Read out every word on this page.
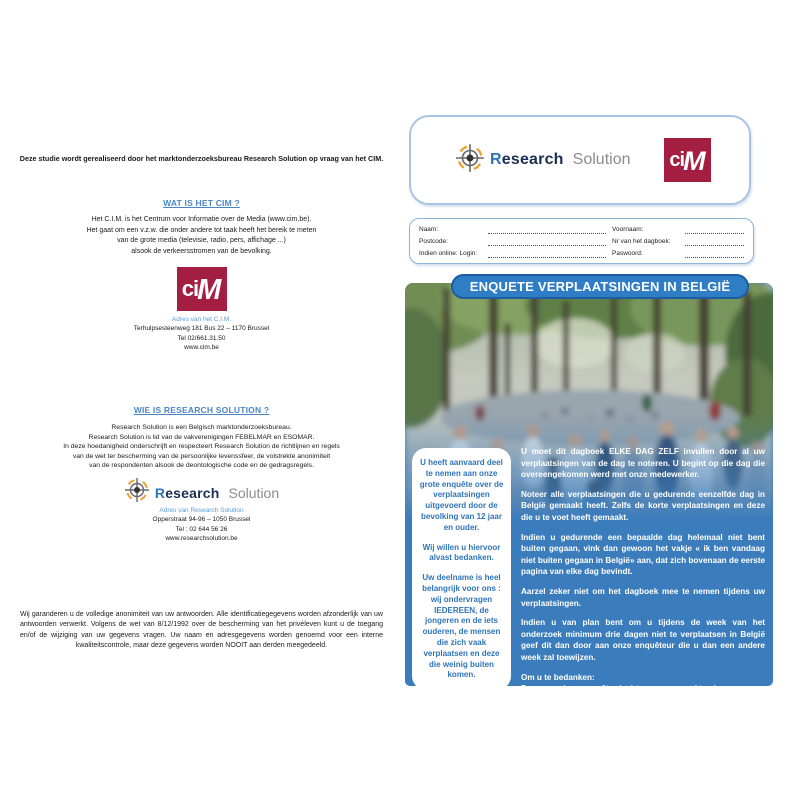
Deze studie wordt gerealiseerd door het marktonderzoeksbureau Research Solution op vraag van het CIM.
WAT IS HET CIM ?
Het C.I.M. is het Centrum voor Informatie over de Media (www.cim.be).
Het gaat om een v.z.w. die onder andere tot taak heeft het bereik te meten
van de grote media (televisie, radio, pers, affichage ...)
alsook de verkeersstromen van de bevolking.
ci M
Adres van het C.I.M.
Terhulpsesteenweg 181 Bus 22 – 1170 Brussel
Tel 02/661.31.50
www.cim.be
WIE IS RESEARCH SOLUTION ?
Research Solution is een Belgisch marktonderzoeksbureau.
Research Solution is lid van de vakverenigingen FEBELMAR en ESOMAR.
In deze hoedanigheid onderschrijft en respecteert Research Solution de richtlijnen en regels
van de wet ter bescherming van de persoonlijke levenssfeer, de volstrekte anonimiteit
van de respondenten alsook de deontologische code en de gedragsregels.
Research Solution
Adres van Research Solution
Opperstraat 94-96 – 1050 Brussel
Tel : 02 644 56 26
www.researchsolution.be
Wij garanderen u de volledige anonimiteit van uw antwoorden. Alle identificatiegegevens worden afzonderlijk van uw antwoorden verwerkt. Volgens de wet van 8/12/1992 over de bescherming van het privéleven kunt u de toegang en/of de wijziging van uw gegevens vragen. Uw naam en adresgegevens worden genoemd voor een interne kwaliteitscontrole, maar deze gegevens worden NOOIT aan derden meegedeeld.
Research Solution ci M
Naam:	Voornaam:
Postcode:	Nr van het dagboek:
Indien online: Login:	Paswoord:
ENQUETE VERPLAATSINGEN IN BELGIË

U heeft aanvaard deel te nemen aan onze grote enquête over de verplaatsingen uitgevoerd door de bevolking van 12 jaar en ouder.

Wij willen u hiervoor alvast bedanken.

Uw deelname is heel belangrijk voor ons : wij ondervragen IEDEREEN, de jongeren en de iets ouderen, de mensen die zich vaak verplaatsen en deze die weinig buiten komen.

U moet dit dagboek ELKE DAG ZELF invullen door al uw verplaatsingen van de dag te noteren. U begint op die dag die overeengekomen werd met onze medewerker.

Noteer alle verplaatsingen die u gedurende eenzelfde dag in België gemaakt heeft. Zelfs de korte verplaatsingen en deze die u te voet heeft gemaakt.

Indien u gedurende een bepaalde dag helemaal niet bent buiten gegaan, vink dan gewoon het vakje « ik ben vandaag niet buiten gegaan in België» aan, dat zich bovenaan de eerste pagina van elke dag bevindt.

Aarzel zeker niet om het dagboek mee te nemen tijdens uw verplaatsingen.

Indien u van plan bent om u tijdens de week van het onderzoek minimum drie dagen niet te verplaatsen in België geef dit dan door aan onze enquêteur die u dan een andere week zal toewijzen.

Om u te bedanken:

Door aan deze enquête deel te nemen, maakt u kans om een prachtige prijs te winnen. Elke 2 maanden,worden er 24 winnaars bij trekking bepaald. Zij krijgen een cadeaubon die varieert tussen 20 € en 250 €.
